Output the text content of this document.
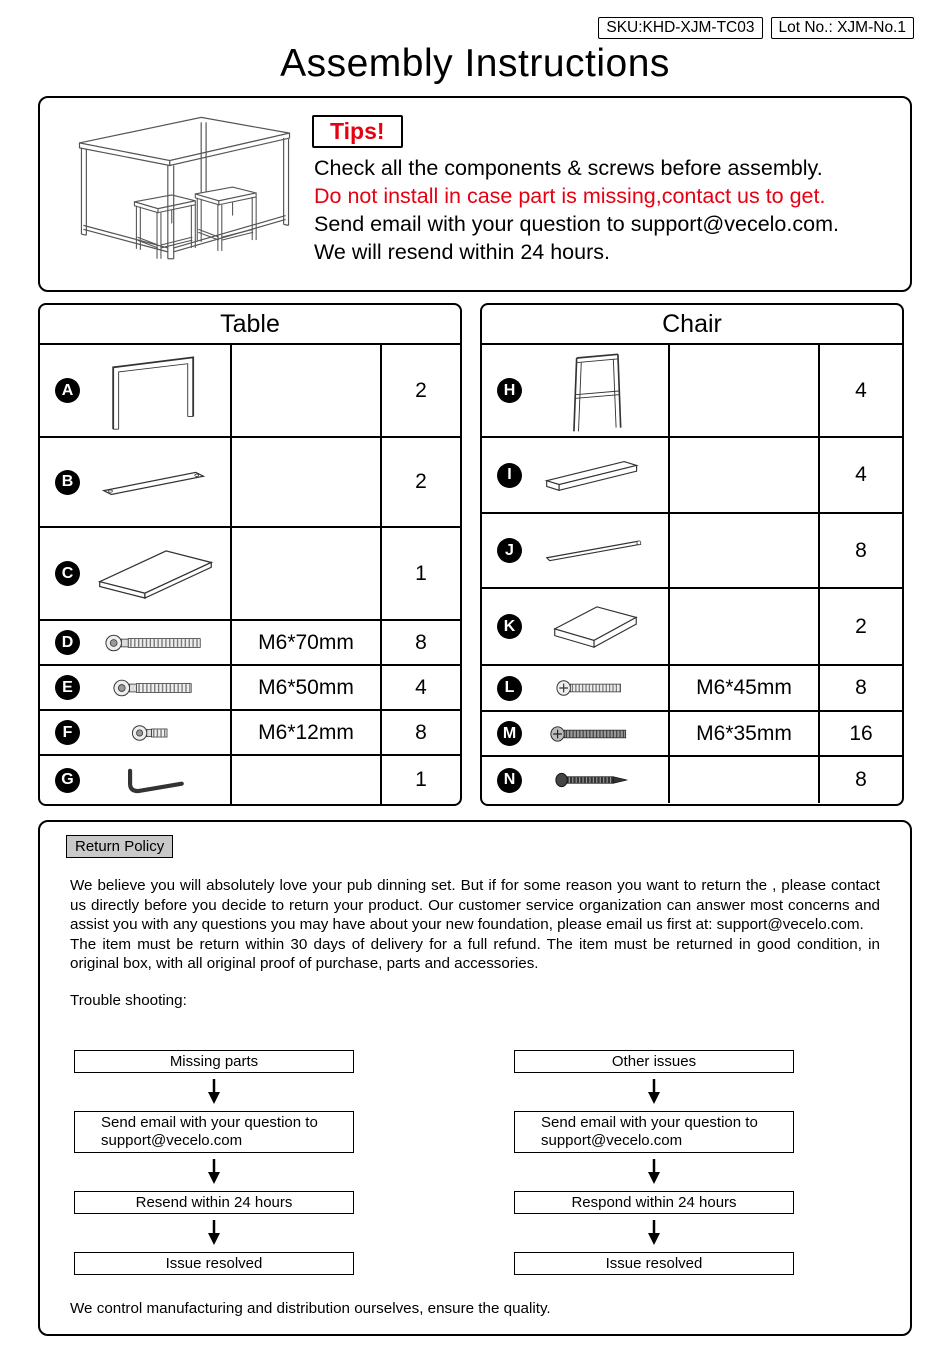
SKU:KHD-XJM-TC03	Lot No.: XJM-No.1
Assembly Instructions
Tips!
Check all the components & screws before assembly.
Do not install in case part is missing,contact us to get.
Send email with your question to support@vecelo.com.
We will resend within 24 hours.
Table
A	2
B	2
C	1
D	M6*70mm	8
E	M6*50mm	4
F	M6*12mm	8
G	1
Chair
H	4
I	4
J	8
K	2
L	M6*45mm	8
M	M6*35mm	16
N	8
Return Policy
We believe you will absolutely love your pub dinning set. But if for some reason you want to return the , please contact us directly before you decide to return your product. Our customer service organization can answer most concerns and assist you with any questions you may have about your new foundation, please email us first at: support@vecelo.com.
The item must be return within 30 days of delivery for a full refund. The item must be returned in good condition, in original box, with all original proof of purchase, parts and accessories.
Trouble shooting:
Missing parts
Send email with your question to support@vecelo.com
Resend within 24 hours
Issue resolved
Other issues
Send email with your question to support@vecelo.com
Respond within 24 hours
Issue resolved
We control manufacturing and distribution ourselves, ensure the quality.
